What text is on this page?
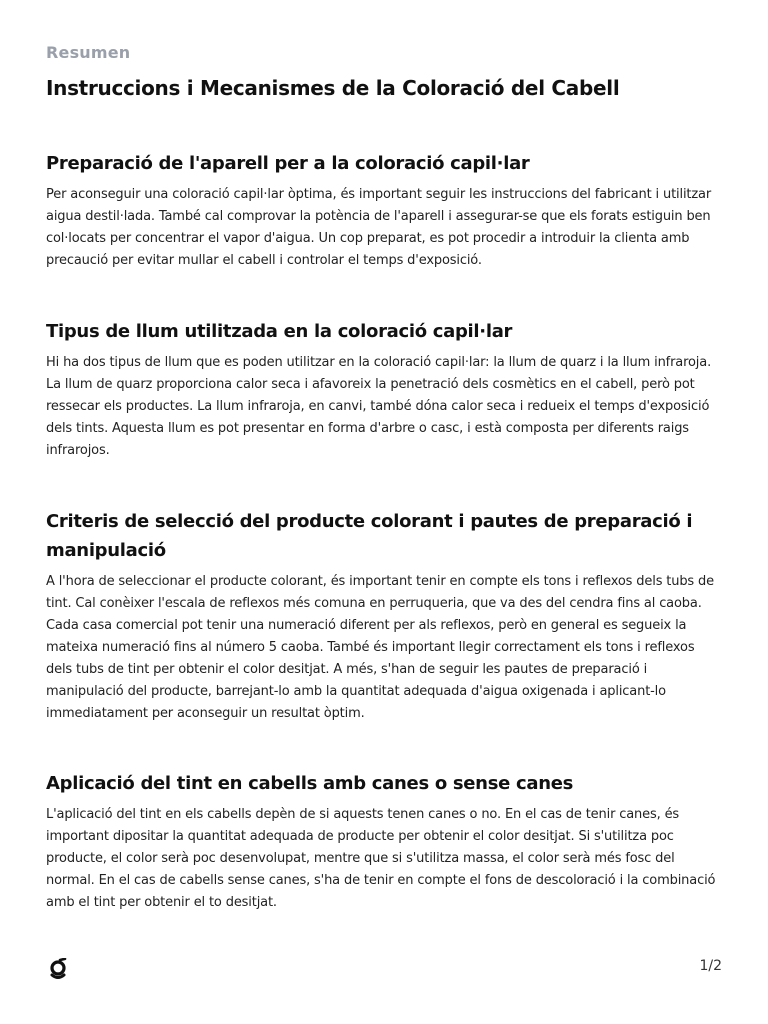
Resumen
Instruccions i Mecanismes de la Coloració del Cabell
Preparació de l'aparell per a la coloració capil·lar

Per aconseguir una coloració capil·lar òptima, és important seguir les instruccions del fabricant i utilitzar aigua destil·lada. També cal comprovar la potència de l'aparell i assegurar-se que els forats estiguin ben col·locats per concentrar el vapor d'aigua. Un cop preparat, es pot procedir a introduir la clienta amb precaució per evitar mullar el cabell i controlar el temps d'exposició.

Tipus de llum utilitzada en la coloració capil·lar

Hi ha dos tipus de llum que es poden utilitzar en la coloració capil·lar: la llum de quarz i la llum infraroja. La llum de quarz proporciona calor seca i afavoreix la penetració dels cosmètics en el cabell, però pot ressecar els productes. La llum infraroja, en canvi, també dóna calor seca i redueix el temps d'exposició dels tints. Aquesta llum es pot presentar en forma d'arbre o casc, i està composta per diferents raigs infrarojos.

Criteris de selecció del producte colorant i pautes de preparació i manipulació

A l'hora de seleccionar el producte colorant, és important tenir en compte els tons i reflexos dels tubs de tint. Cal conèixer l'escala de reflexos més comuna en perruqueria, que va des del cendra fins al caoba. Cada casa comercial pot tenir una numeració diferent per als reflexos, però en general es segueix la mateixa numeració fins al número 5 caoba. També és important llegir correctament els tons i reflexos dels tubs de tint per obtenir el color desitjat. A més, s'han de seguir les pautes de preparació i manipulació del producte, barrejant-lo amb la quantitat adequada d'aigua oxigenada i aplicant-lo immediatament per aconseguir un resultat òptim.

Aplicació del tint en cabells amb canes o sense canes

L'aplicació del tint en els cabells depèn de si aquests tenen canes o no. En el cas de tenir canes, és important dipositar la quantitat adequada de producte per obtenir el color desitjat. Si s'utilitza poc producte, el color serà poc desenvolupat, mentre que si s'utilitza massa, el color serà més fosc del normal. En el cas de cabells sense canes, s'ha de tenir en compte el fons de descoloració i la combinació amb el tint per obtenir el to desitjat.

1/2
